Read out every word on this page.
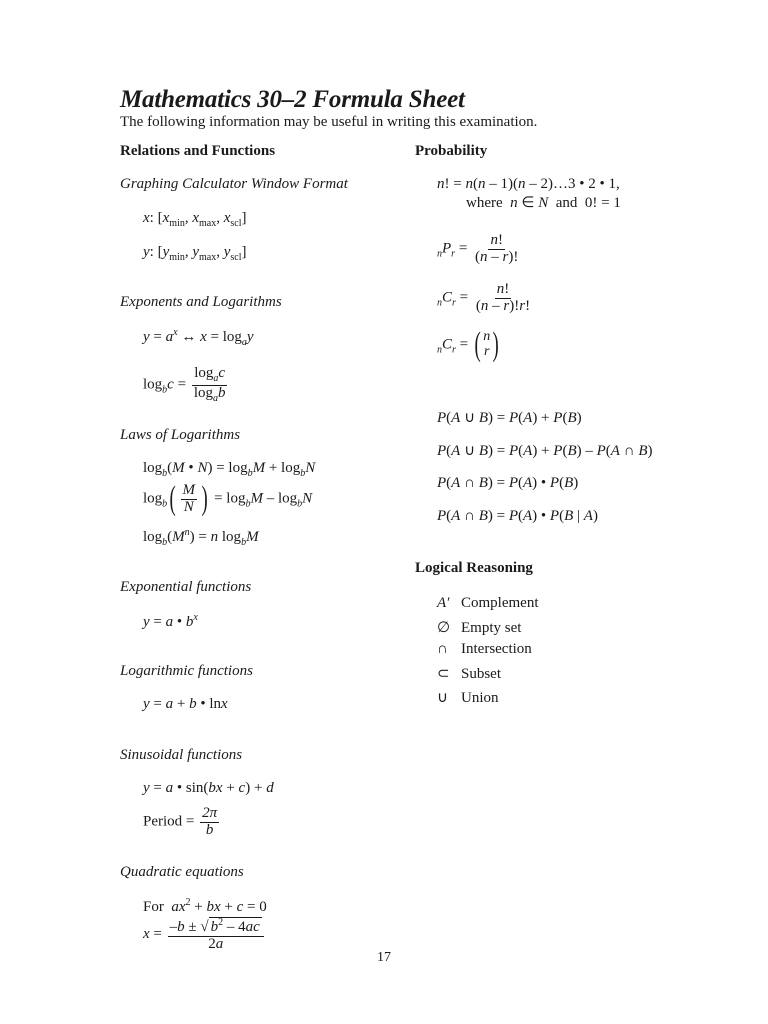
Mathematics 30–2 Formula Sheet
The following information may be useful in writing this examination.
Relations and Functions
Graphing Calculator Window Format
x: [$x_{min}$, $x_{max}$, $x_{scl}$]
y: [$y_{min}$, $y_{max}$, $y_{scl}$]
Exponents and Logarithms
$y = a^x$ ↔ $x = \log_ay$
$\log_bc = \frac{\log_ac}{\log_ab}$
Laws of Logarithms
$\log_b(M$ • $N) = \log_bM + \log_bN$
$\log_b( \frac{M}{N}$ ) = $\log_bM - \log_bN$
$\log_b(M^n) = n$ $\log_bM$
Exponential functions
y = a • $b^x$
Logarithmic functions
y = a + b • lnx
Sinusoidal functions
y = a • sin(bx + c) + d
Period = $\frac{2\pi}{b}$
Quadratic equations
For  $ax^2$ + bx + c = 0
$x = \frac{-b \pm √ b^2 - 4ac}{2a}$
Probability
n! = n(n – 1)(n – 2)…3 • 2 • 1,
where  n ∈ N  and  0! = 1
$_nP_r = \frac{n!}{(n - r)!}$
$_nC_r = \frac{n!}{(n - r)!r!}$
$_nC_r$ = ( n
r )
P(A ∪ B) = P(A) + P(B)
P(A ∪ B) = P(A) + P(B) – P(A ∩ B)
P(A ∩ B) = P(A) • P(B)
P(A ∩ B) = P(A) • P(B | A)
Logical Reasoning
A′ Complement
∅ Empty set
∩ Intersection
⊂ Subset
∪ Union
17
